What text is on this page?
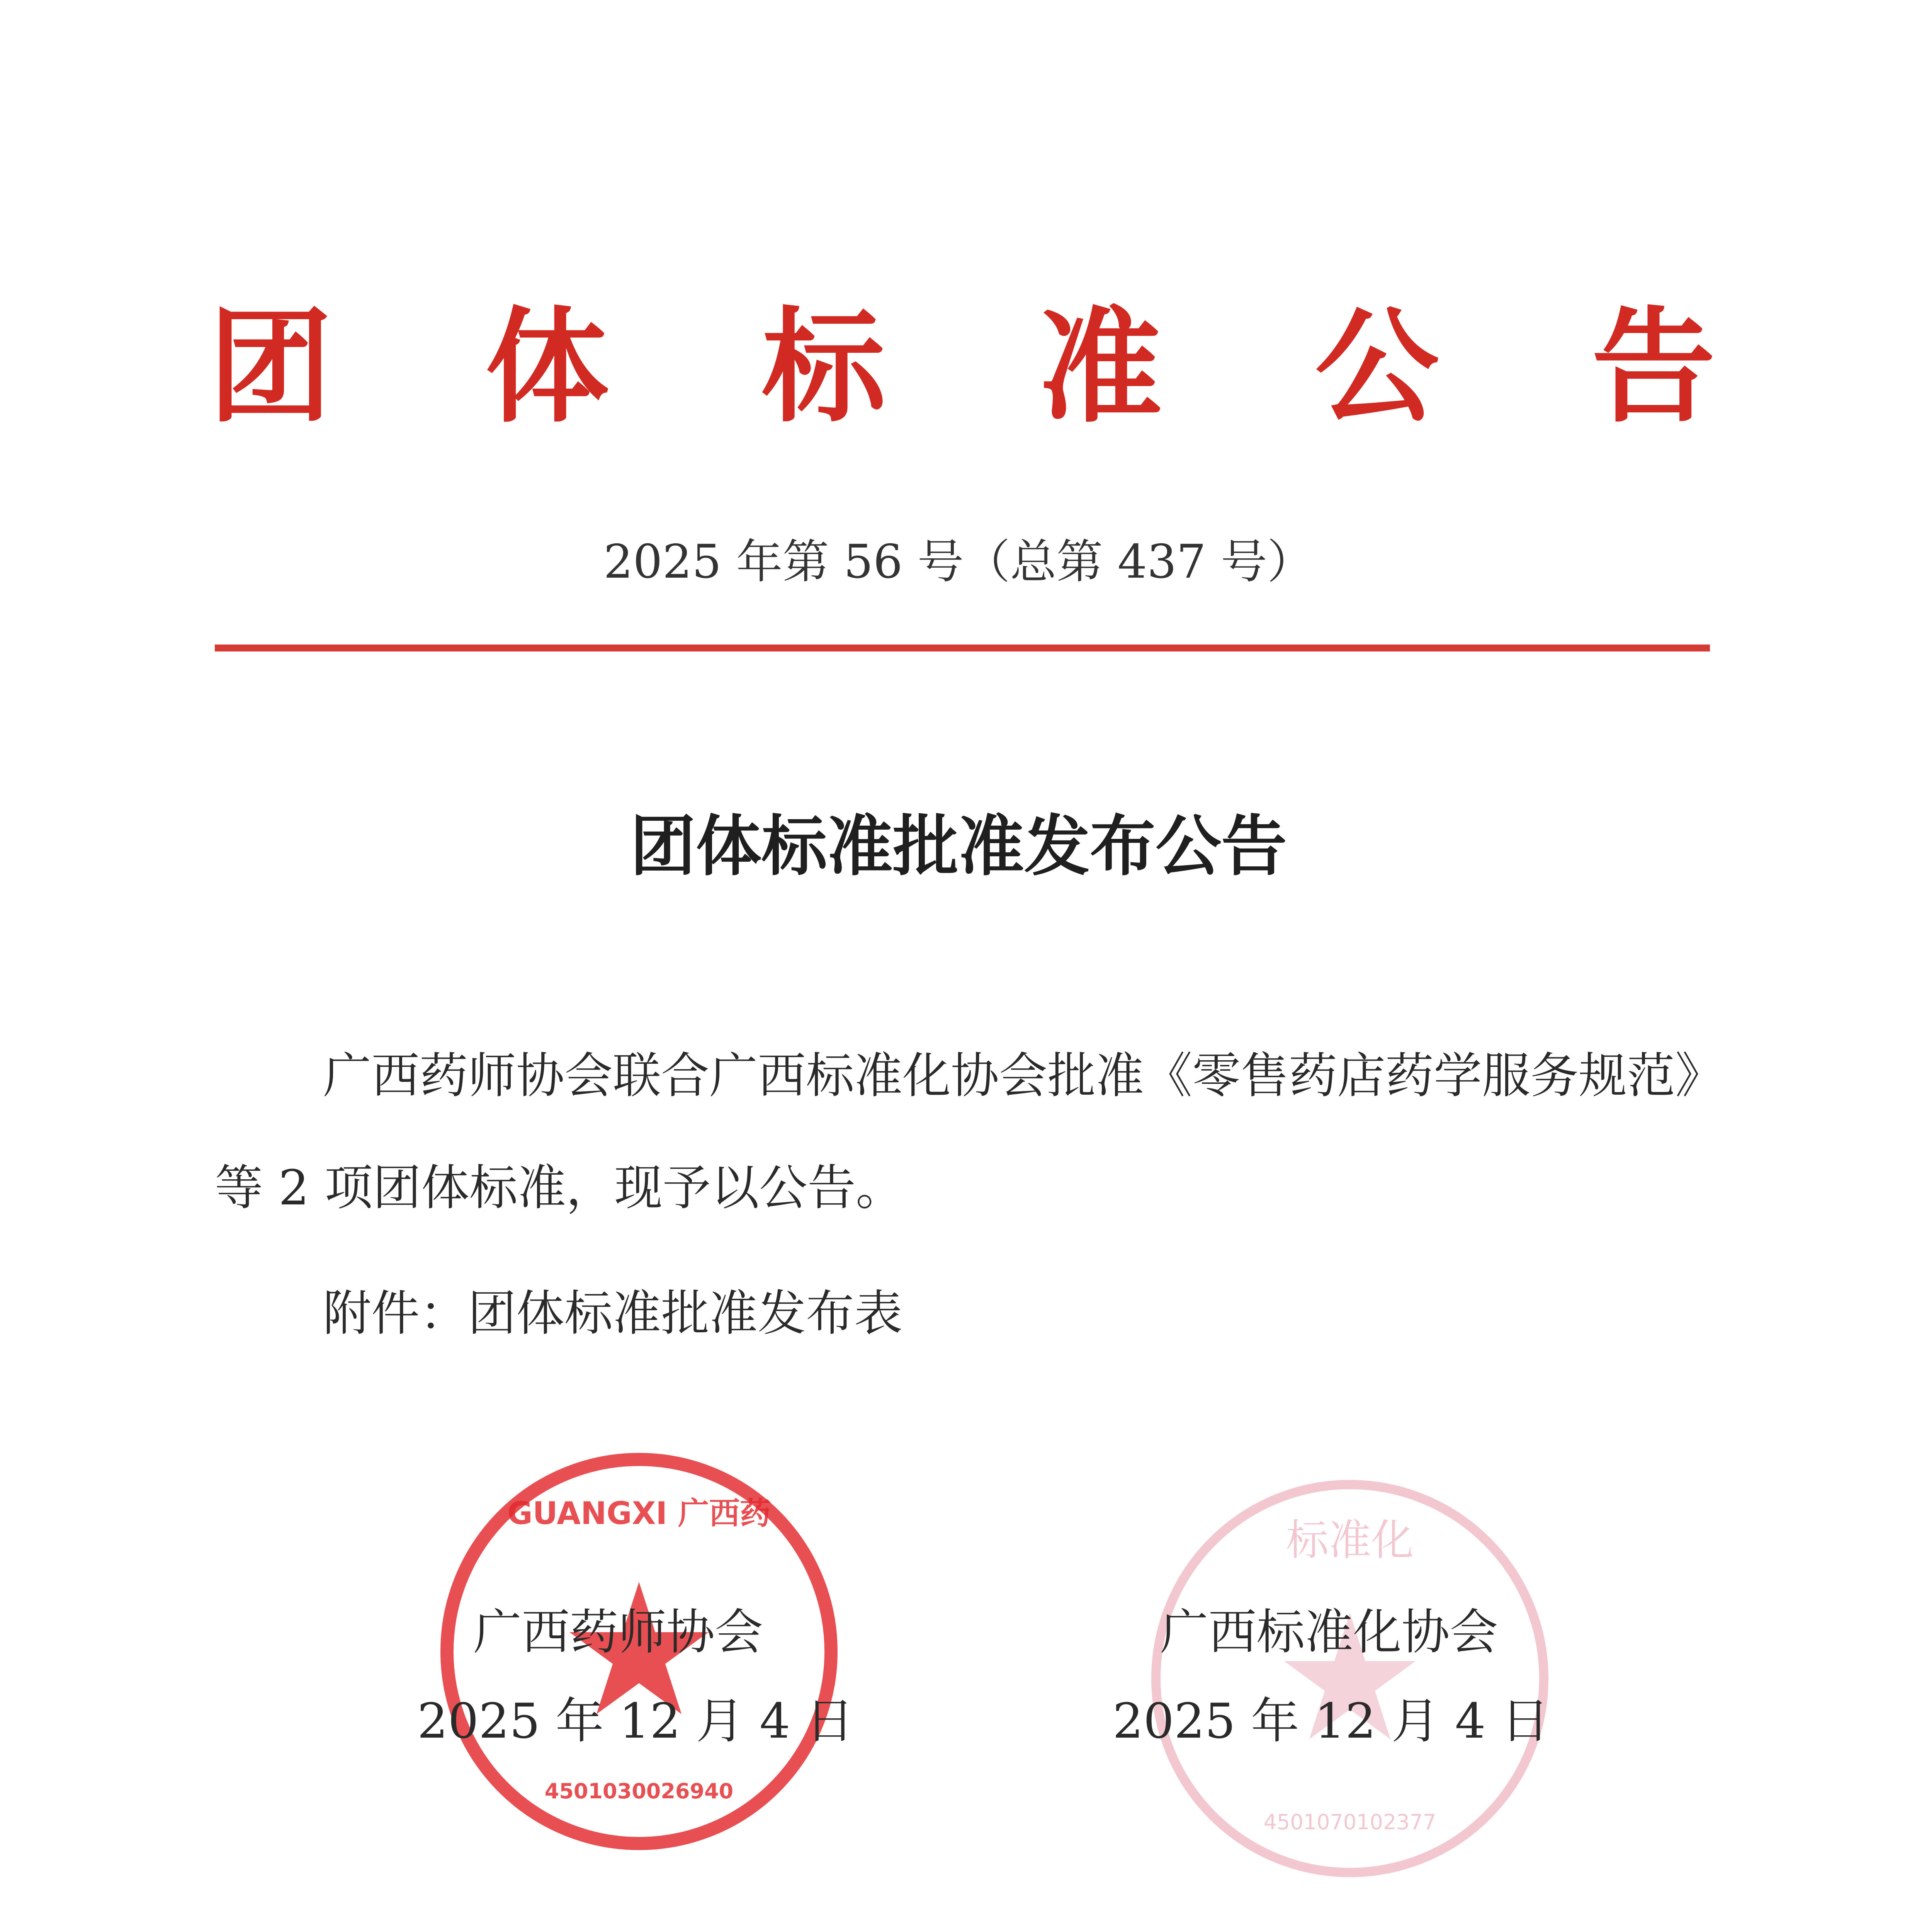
团 体 标 准 公 告
2025 年第 56 号（总第 437 号）
团体标准批准发布公告
广西药师协会联合广西标准化协会批准《零售药店药学服务规范》等 2 项团体标准，现予以公告。
附件：团体标准批准发布表
GUANGXI 广西药
4501030026940
标准化
4501070102377
广西药师协会
2025 年 12 月 4 日
广西标准化协会
2025 年 12 月 4 日
